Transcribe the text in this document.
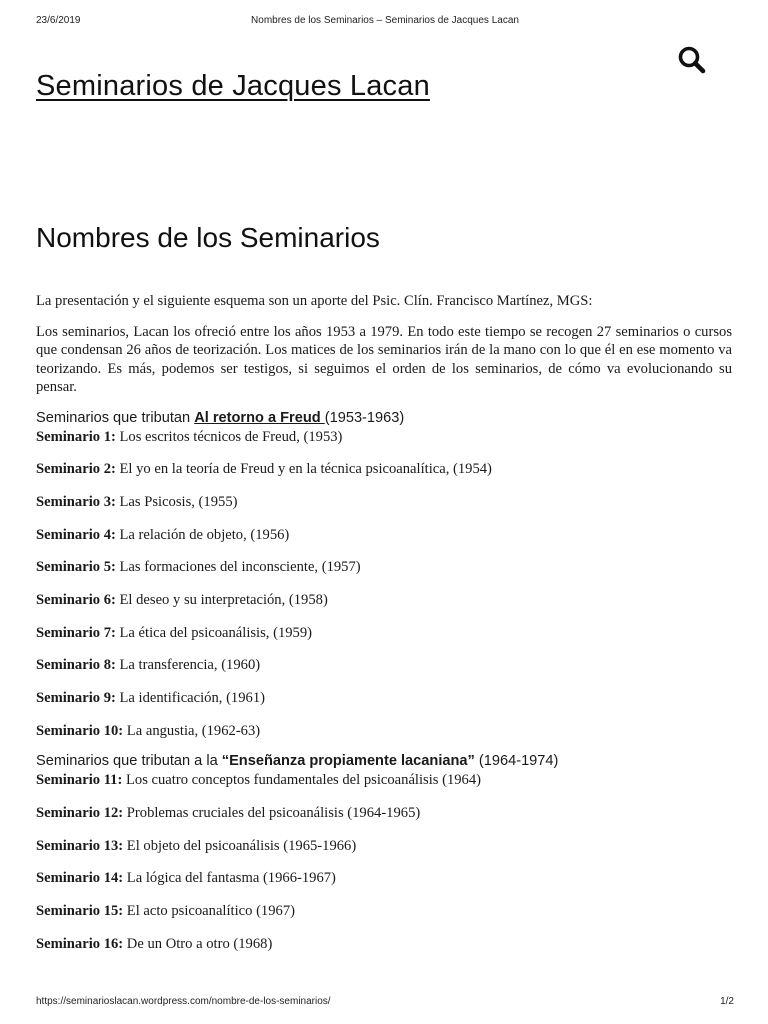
23/6/2019	Nombres de los Seminarios – Seminarios de Jacques Lacan
Seminarios de Jacques Lacan
Nombres de los Seminarios

La presentación y el siguiente esquema son un aporte del Psic. Clín. Francisco Martínez, MGS:

Los seminarios, Lacan los ofreció entre los años 1953 a 1979. En todo este tiempo se recogen 27 seminarios o cursos que condensan 26 años de teorización. Los matices de los seminarios irán de la mano con lo que él en ese momento va teorizando. Es más, podemos ser testigos, si seguimos el orden de los seminarios, de cómo va evolucionando su pensar.

Seminarios que tributan Al retorno a Freud (1953-1963)

Seminario 1: Los escritos técnicos de Freud, (1953)

Seminario 2: El yo en la teoría de Freud y en la técnica psicoanalítica, (1954)

Seminario 3: Las Psicosis, (1955)

Seminario 4: La relación de objeto, (1956)

Seminario 5: Las formaciones del inconsciente, (1957)

Seminario 6: El deseo y su interpretación, (1958)

Seminario 7: La ética del psicoanálisis, (1959)

Seminario 8: La transferencia, (1960)

Seminario 9: La identificación, (1961)

Seminario 10: La angustia, (1962-63)

Seminarios que tributan a la “Enseñanza propiamente lacaniana” (1964-1974)

Seminario 11: Los cuatro conceptos fundamentales del psicoanálisis (1964)

Seminario 12: Problemas cruciales del psicoanálisis (1964-1965)

Seminario 13: El objeto del psicoanálisis (1965-1966)

Seminario 14: La lógica del fantasma (1966-1967)

Seminario 15: El acto psicoanalítico (1967)

Seminario 16: De un Otro a otro (1968)

https://seminarioslacan.wordpress.com/nombre-de-los-seminarios/	1/2
